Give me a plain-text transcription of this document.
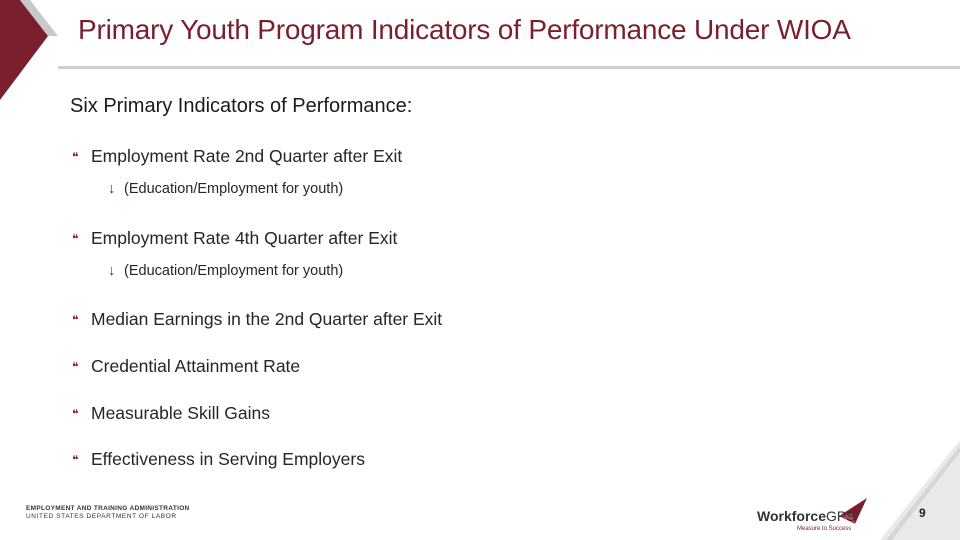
Primary Youth Program Indicators of Performance Under WIOA
Six Primary Indicators of Performance:
❝ Employment Rate 2nd Quarter after Exit
↓ (Education/Employment for youth)
❝ Employment Rate 4th Quarter after Exit
↓ (Education/Employment for youth)
❝ Median Earnings in the 2nd Quarter after Exit
❝ Credential Attainment Rate
❝ Measurable Skill Gains
❝ Effectiveness in Serving Employers
EMPLOYMENT AND TRAINING ADMINISTRATION
UNITED STATES DEPARTMENT OF LABOR	WorkforceGPS
Measure to Success
9
